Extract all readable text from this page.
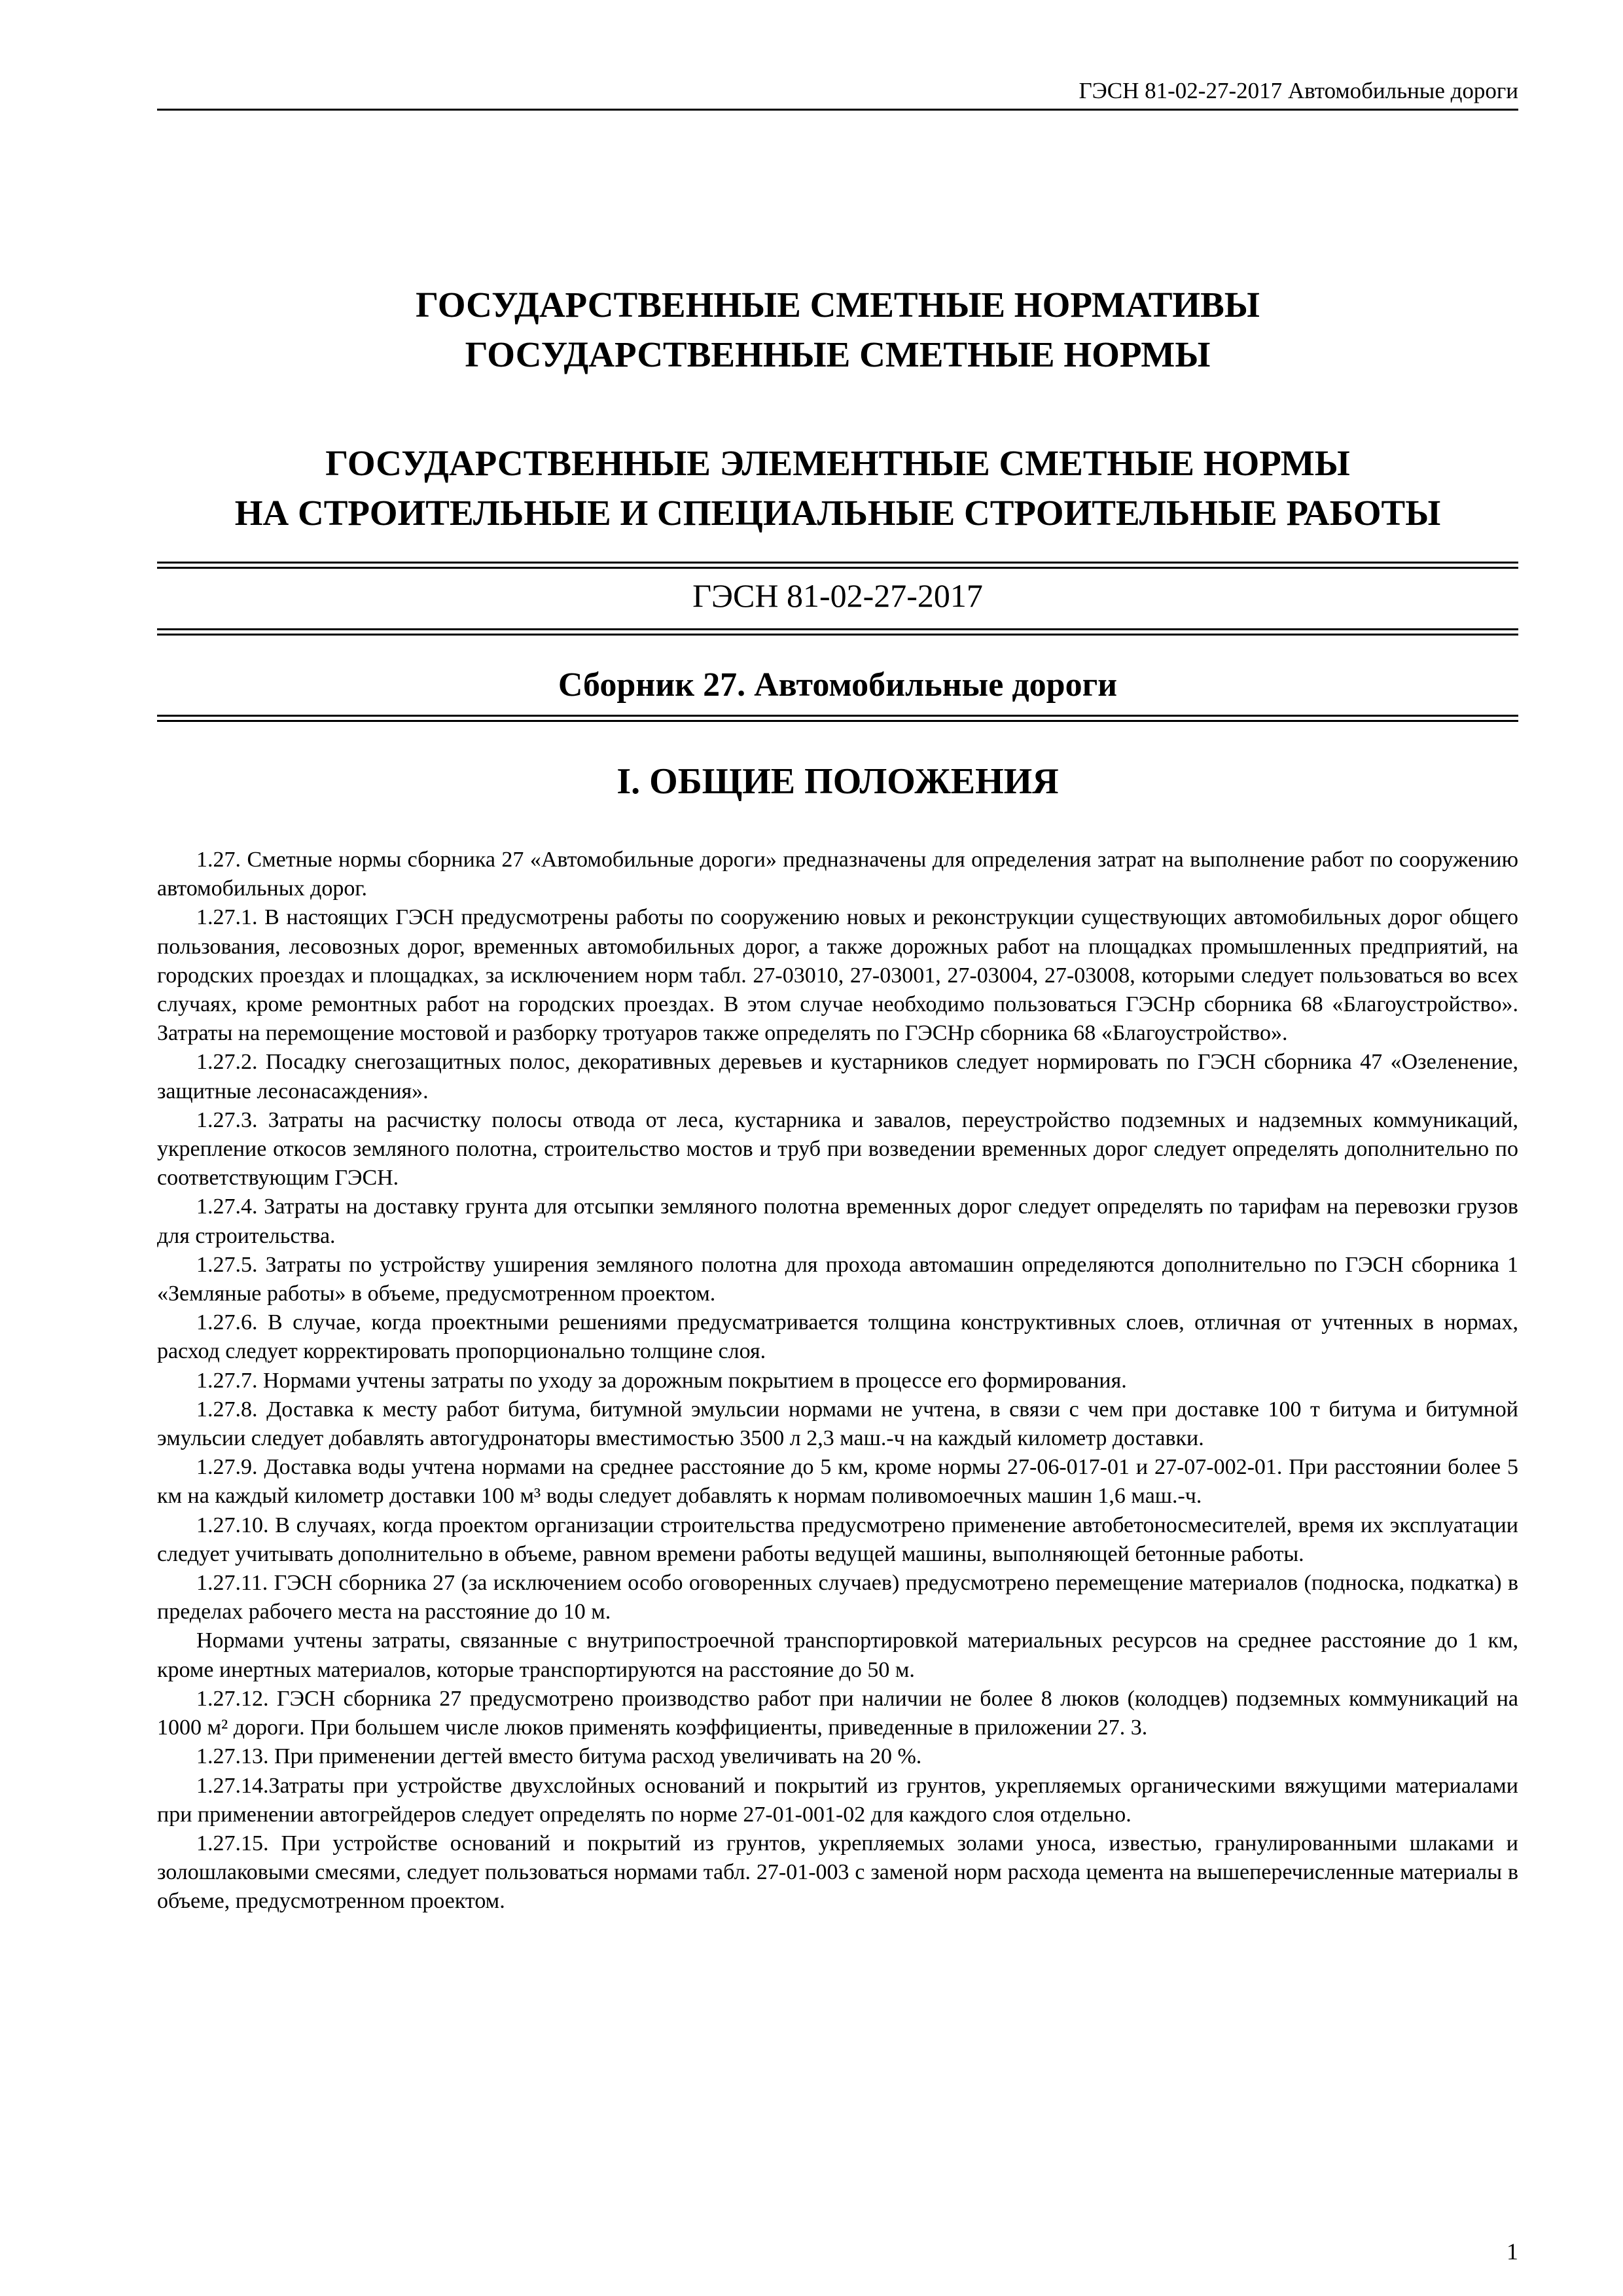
ГЭСН 81-02-27-2017 Автомобильные дороги
ГОСУДАРСТВЕННЫЕ СМЕТНЫЕ НОРМАТИВЫ
ГОСУДАРСТВЕННЫЕ СМЕТНЫЕ НОРМЫ
ГОСУДАРСТВЕННЫЕ ЭЛЕМЕНТНЫЕ СМЕТНЫЕ НОРМЫ
НА СТРОИТЕЛЬНЫЕ И СПЕЦИАЛЬНЫЕ СТРОИТЕЛЬНЫЕ РАБОТЫ
ГЭСН 81-02-27-2017
Сборник 27. Автомобильные дороги
I. ОБЩИЕ ПОЛОЖЕНИЯ

1.27. Сметные нормы сборника 27 «Автомобильные дороги» предназначены для определения затрат на выполнение работ по сооружению автомобильных дорог.

1.27.1. В настоящих ГЭСН предусмотрены работы по сооружению новых и реконструкции существующих автомобильных дорог общего пользования, лесовозных дорог, временных автомобильных дорог, а также дорожных работ на площадках промышленных предприятий, на городских проездах и площадках, за исключением норм табл. 27-03010, 27-03001, 27-03004, 27-03008, которыми следует пользоваться во всех случаях, кроме ремонтных работ на городских проездах. В этом случае необходимо пользоваться ГЭСНр сборника 68 «Благоустройство». Затраты на перемощение мостовой и разборку тротуаров также определять по ГЭСНр сборника 68 «Благоустройство».

1.27.2. Посадку снегозащитных полос, декоративных деревьев и кустарников следует нормировать по ГЭСН сборника 47 «Озеленение, защитные лесонасаждения».

1.27.3. Затраты на расчистку полосы отвода от леса, кустарника и завалов, переустройство подземных и надземных коммуникаций, укрепление откосов земляного полотна, строительство мостов и труб при возведении временных дорог следует определять дополнительно по соответствующим ГЭСН.

1.27.4. Затраты на доставку грунта для отсыпки земляного полотна временных дорог следует определять по тарифам на перевозки грузов для строительства.

1.27.5. Затраты по устройству уширения земляного полотна для прохода автомашин определяются дополнительно по ГЭСН сборника 1 «Земляные работы» в объеме, предусмотренном проектом.

1.27.6. В случае, когда проектными решениями предусматривается толщина конструктивных слоев, отличная от учтенных в нормах, расход следует корректировать пропорционально толщине слоя.

1.27.7. Нормами учтены затраты по уходу за дорожным покрытием в процессе его формирования.

1.27.8. Доставка к месту работ битума, битумной эмульсии нормами не учтена, в связи с чем при доставке 100 т битума и битумной эмульсии следует добавлять автогудронаторы вместимостью 3500 л 2,3 маш.-ч на каждый километр доставки.

1.27.9. Доставка воды учтена нормами на среднее расстояние до 5 км, кроме нормы 27-06-017-01 и 27-07-002-01. При расстоянии более 5 км на каждый километр доставки 100 м³ воды следует добавлять к нормам поливомоечных машин 1,6 маш.-ч.

1.27.10. В случаях, когда проектом организации строительства предусмотрено применение автобетоносмесителей, время их эксплуатации следует учитывать дополнительно в объеме, равном времени работы ведущей машины, выполняющей бетонные работы.

1.27.11. ГЭСН сборника 27 (за исключением особо оговоренных случаев) предусмотрено перемещение материалов (подноска, подкатка) в пределах рабочего места на расстояние до 10 м.

Нормами учтены затраты, связанные с внутрипостроечной транспортировкой материальных ресурсов на среднее расстояние до 1 км, кроме инертных материалов, которые транспортируются на расстояние до 50 м.

1.27.12. ГЭСН сборника 27 предусмотрено производство работ при наличии не более 8 люков (колодцев) подземных коммуникаций на 1000 м² дороги. При большем числе люков применять коэффициенты, приведенные в приложении 27. 3.

1.27.13. При применении дегтей вместо битума расход увеличивать на 20 %.

1.27.14.Затраты при устройстве двухслойных оснований и покрытий из грунтов, укрепляемых органическими вяжущими материалами при применении автогрейдеров следует определять по норме 27-01-001-02 для каждого слоя отдельно.

1.27.15. При устройстве оснований и покрытий из грунтов, укрепляемых золами уноса, известью, гранулированными шлаками и золошлаковыми смесями, следует пользоваться нормами табл. 27-01-003 с заменой норм расхода цемента на вышеперечисленные материалы в объеме, предусмотренном проектом.

1
